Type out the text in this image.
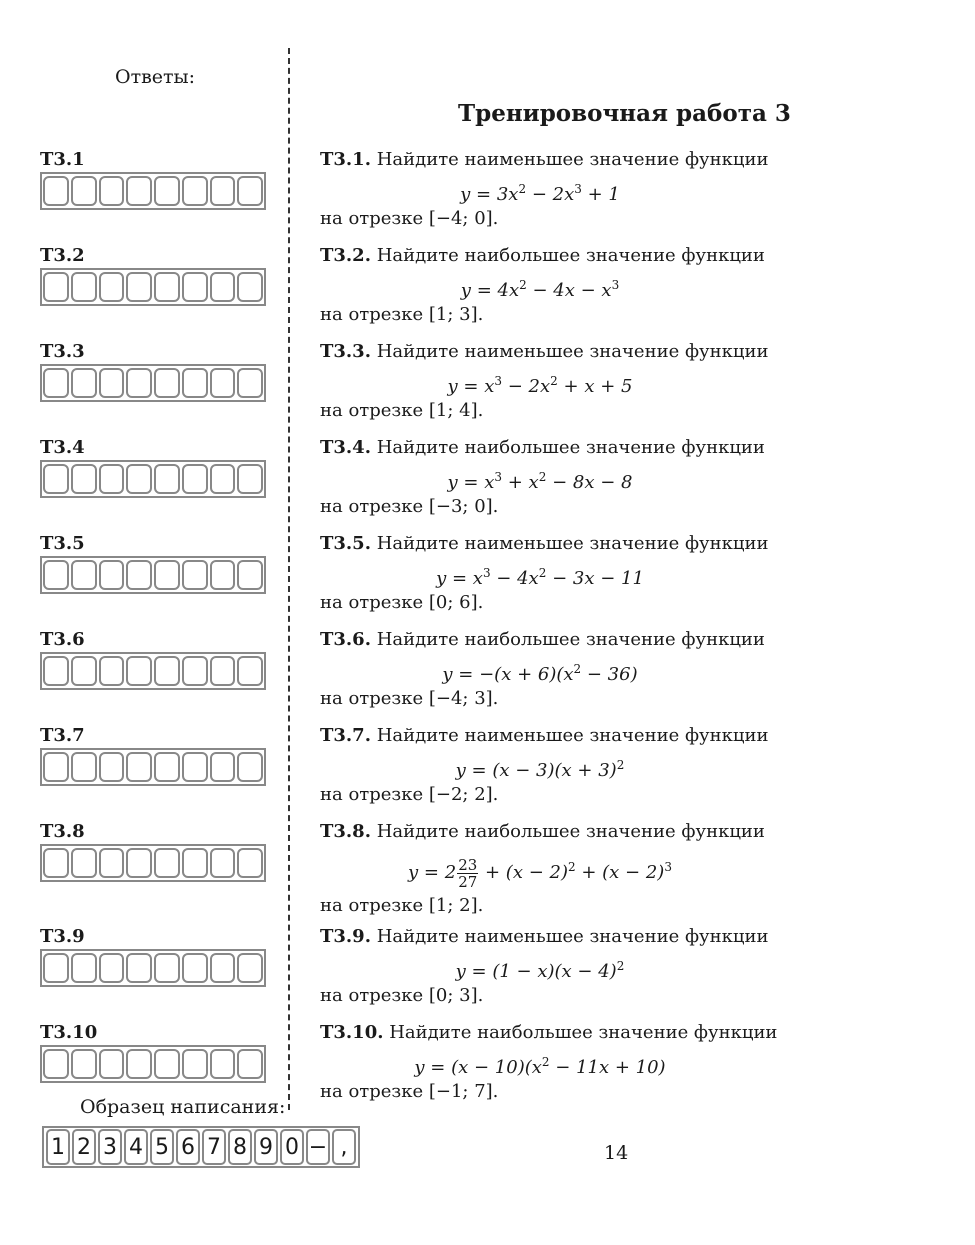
Ответы:
Тренировочная работа 3
Т3.1
Т3.2
Т3.3
Т3.4
Т3.5
Т3.6
Т3.7
Т3.8
Т3.9
Т3.10
Т3.1. Найдите наименьшее значение функции
$y = 3x^2 - 2x^3 + 1$
на отрезке [−4; 0].
Т3.2. Найдите наибольшее значение функции
$y = 4x^2 - 4x - x^3$
на отрезке [1; 3].
Т3.3. Найдите наименьшее значение функции
$y = x^3 - 2x^2 + x + 5$
на отрезке [1; 4].
Т3.4. Найдите наибольшее значение функции
$y = x^3 + x^2 - 8x - 8$
на отрезке [−3; 0].
Т3.5. Найдите наименьшее значение функции
$y = x^3 - 4x^2 - 3x - 11$
на отрезке [0; 6].
Т3.6. Найдите наибольшее значение функции
$y = -(x + 6)(x^2 - 36)$
на отрезке [−4; 3].
Т3.7. Найдите наименьшее значение функции
$y = (x - 3)(x + 3)^2$
на отрезке [−2; 2].
Т3.8. Найдите наибольшее значение функции
$y = 2 \frac{23}{27} + (x - 2)^2 + (x - 2)^3$
на отрезке [1; 2].
Т3.9. Найдите наименьшее значение функции
$y = (1 - x)(x - 4)^2$
на отрезке [0; 3].
Т3.10. Найдите наибольшее значение функции
$y = (x - 10)(x^2 - 11x + 10)$
на отрезке [−1; 7].
Образец написания:
1 2 3 4 5 6 7 8 9 0 − ,	14
